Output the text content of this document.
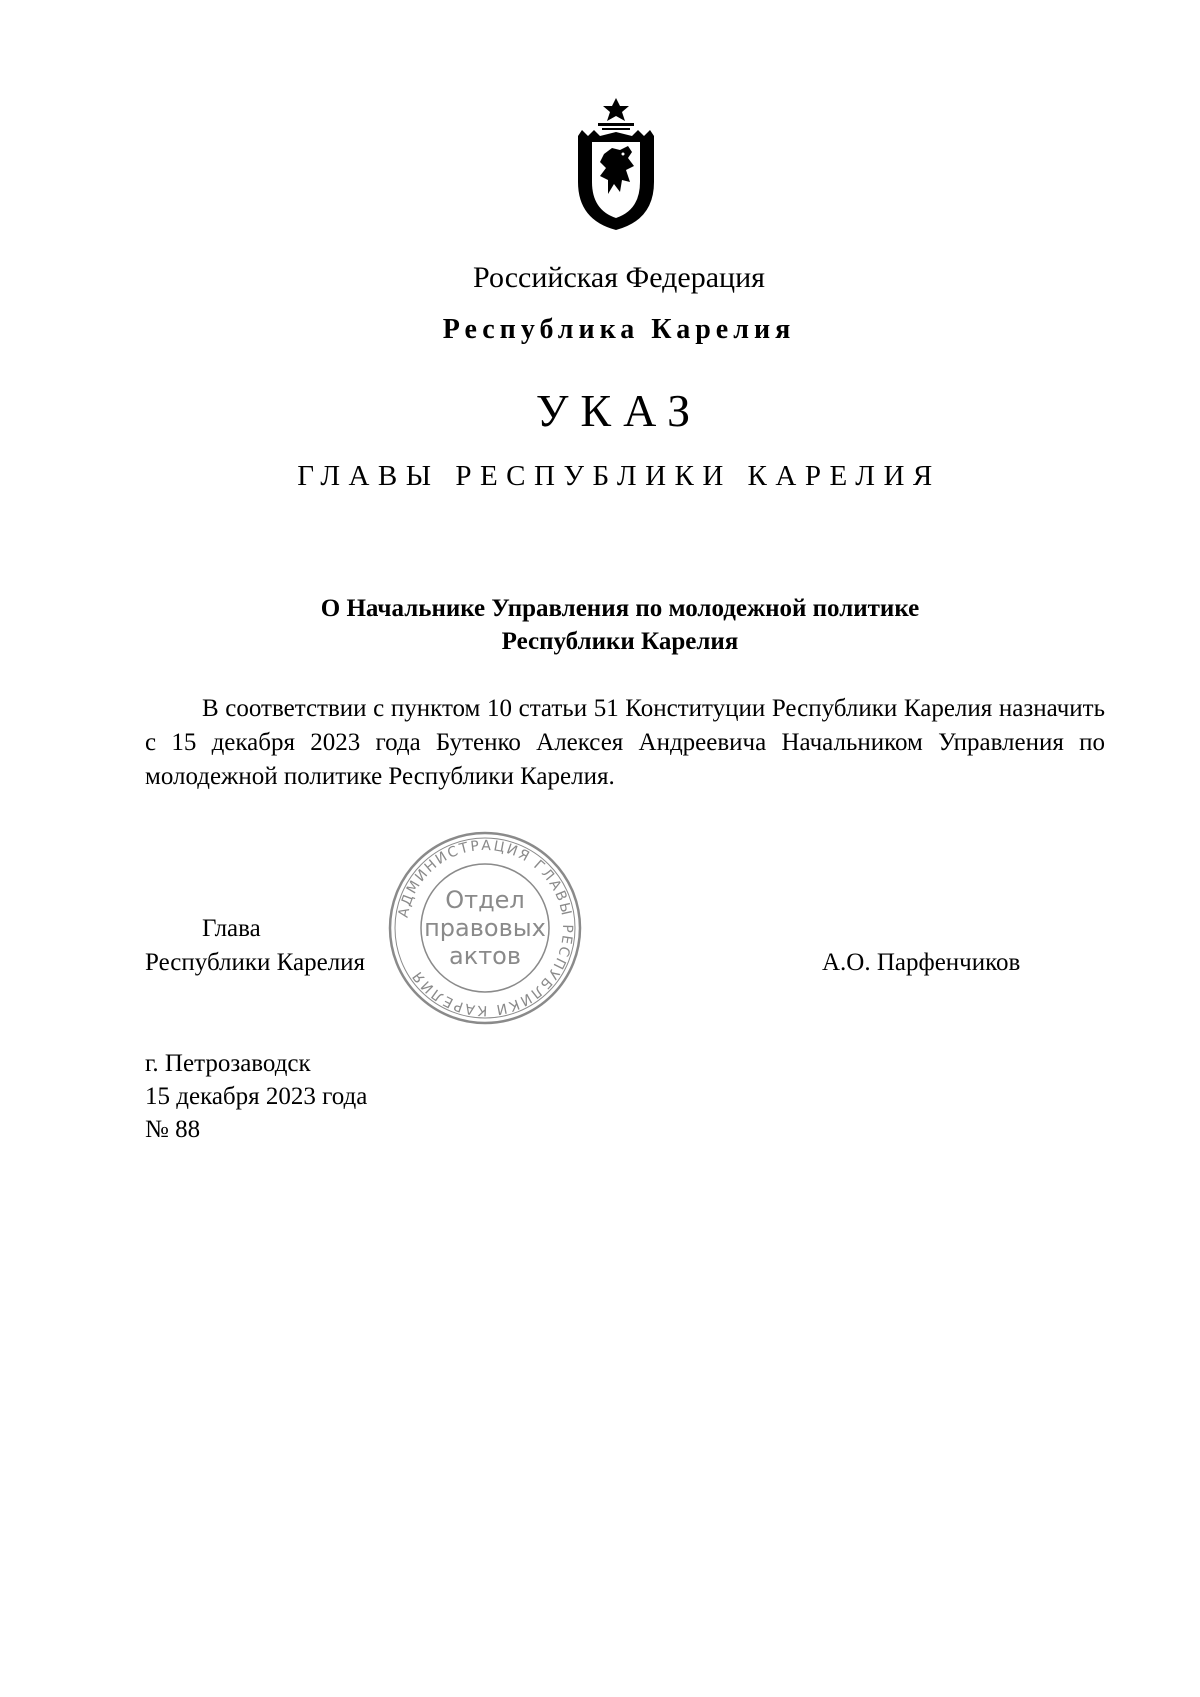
Российская Федерация
Республика Карелия
УКАЗ
ГЛАВЫ РЕСПУБЛИКИ КАРЕЛИЯ
О Начальнике Управления по молодежной политике
Республики Карелия

В соответствии с пунктом 10 статьи 51 Конституции Республики Карелия назначить с 15 декабря 2023 года Бутенко Алексея Андреевича Начальником Управления по молодежной политике Республики Карелия.

АДМИНИСТРАЦИЯ ГЛАВЫ РЕСПУБЛИКИ КАРЕЛИЯ
Отдел
правовых
актов
Глава
Республики Карелия	А.О. Парфенчиков
г. Петрозаводск
15 декабря 2023 года
№ 88
